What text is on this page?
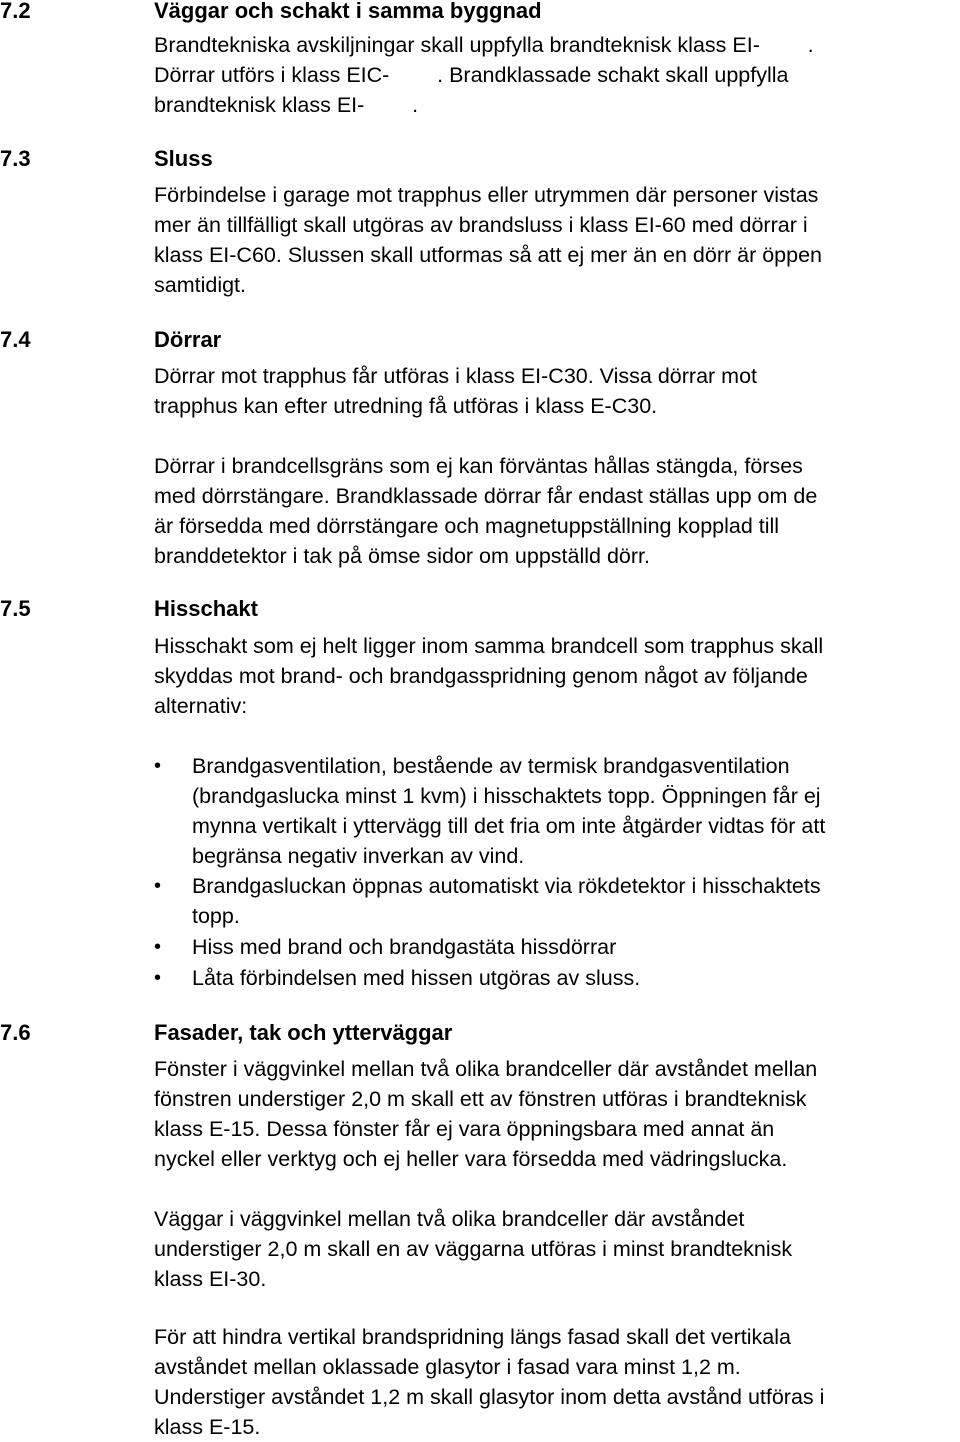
7.2	Väggar och schakt i samma byggnad
Brandtekniska avskiljningar skall uppfylla brandteknisk klass EI-        .
Dörrar utförs i klass EIC-        . Brandklassade schakt skall uppfylla
brandteknisk klass EI-        .
7.3	Sluss
Förbindelse i garage mot trapphus eller utrymmen där personer vistas
mer än tillfälligt skall utgöras av brandsluss i klass EI-60 med dörrar i
klass EI-C60. Slussen skall utformas så att ej mer än en dörr är öppen
samtidigt.
7.4	Dörrar
Dörrar mot trapphus får utföras i klass EI-C30. Vissa dörrar mot
trapphus kan efter utredning få utföras i klass E-C30.
Dörrar i brandcellsgräns som ej kan förväntas hållas stängda, förses
med dörrstängare. Brandklassade dörrar får endast ställas upp om de
är försedda med dörrstängare och magnetuppställning kopplad till
branddetektor i tak på ömse sidor om uppställd dörr.
7.5	Hisschakt
Hisschakt som ej helt ligger inom samma brandcell som trapphus skall
skyddas mot brand- och brandgasspridning genom något av följande
alternativ:
•	Brandgasventilation, bestående av termisk brandgasventilation
(brandgaslucka minst 1 kvm) i hisschaktets topp. Öppningen får ej
mynna vertikalt i yttervägg till det fria om inte åtgärder vidtas för att
begränsa negativ inverkan av vind.
•	Brandgasluckan öppnas automatiskt via rökdetektor i hisschaktets
topp.
•	Hiss med brand och brandgastäta hissdörrar
•	Låta förbindelsen med hissen utgöras av sluss.
7.6	Fasader, tak och ytterväggar
Fönster i väggvinkel mellan två olika brandceller där avståndet mellan
fönstren understiger 2,0 m skall ett av fönstren utföras i brandteknisk
klass E-15. Dessa fönster får ej vara öppningsbara med annat än
nyckel eller verktyg och ej heller vara försedda med vädringslucka.
Väggar i väggvinkel mellan två olika brandceller där avståndet
understiger 2,0 m skall en av väggarna utföras i minst brandteknisk
klass EI-30.
För att hindra vertikal brandspridning längs fasad skall det vertikala
avståndet mellan oklassade glasytor i fasad vara minst 1,2 m.
Understiger avståndet 1,2 m skall glasytor inom detta avstånd utföras i
klass E-15.
